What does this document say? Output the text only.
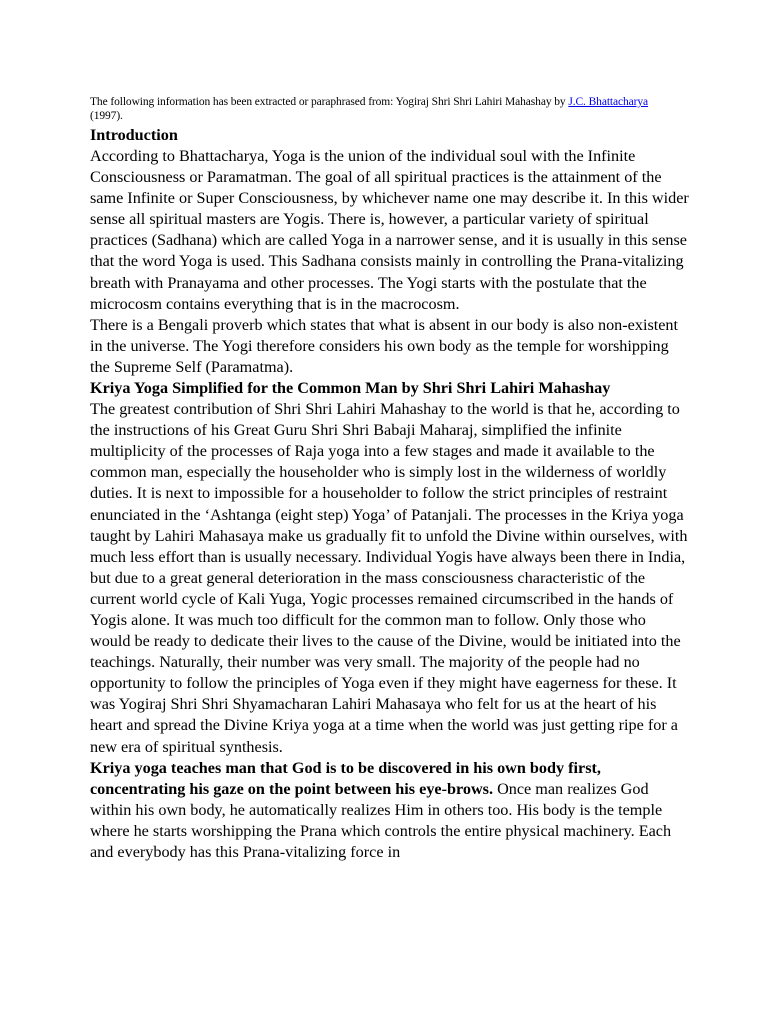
The following information has been extracted or paraphrased from: Yogiraj Shri Shri Lahiri Mahashay by J.C. Bhattacharya (1997).

Introduction

According to Bhattacharya, Yoga is the union of the individual soul with the Infinite Consciousness or Paramatman. The goal of all spiritual practices is the attainment of the same Infinite or Super Consciousness, by whichever name one may describe it. In this wider sense all spiritual masters are Yogis. There is, however, a particular variety of spiritual practices (Sadhana) which are called Yoga in a narrower sense, and it is usually in this sense that the word Yoga is used. This Sadhana consists mainly in controlling the Prana-vitalizing breath with Pranayama and other processes. The Yogi starts with the postulate that the microcosm contains everything that is in the macrocosm.

There is a Bengali proverb which states that what is absent in our body is also non-existent in the universe. The Yogi therefore considers his own body as the temple for worshipping the Supreme Self (Paramatma).

Kriya Yoga Simplified for the Common Man by Shri Shri Lahiri Mahashay

The greatest contribution of Shri Shri Lahiri Mahashay to the world is that he, according to the instructions of his Great Guru Shri Shri Babaji Maharaj, simplified the infinite multiplicity of the processes of Raja yoga into a few stages and made it available to the common man, especially the householder who is simply lost in the wilderness of worldly duties. It is next to impossible for a householder to follow the strict principles of restraint enunciated in the ‘Ashtanga (eight step) Yoga’ of Patanjali. The processes in the Kriya yoga taught by Lahiri Mahasaya make us gradually fit to unfold the Divine within ourselves, with much less effort than is usually necessary. Individual Yogis have always been there in India, but due to a great general deterioration in the mass consciousness characteristic of the current world cycle of Kali Yuga, Yogic processes remained circumscribed in the hands of Yogis alone. It was much too difficult for the common man to follow. Only those who would be ready to dedicate their lives to the cause of the Divine, would be initiated into the teachings. Naturally, their number was very small. The majority of the people had no opportunity to follow the principles of Yoga even if they might have eagerness for these. It was Yogiraj Shri Shri Shyamacharan Lahiri Mahasaya who felt for us at the heart of his heart and spread the Divine Kriya yoga at a time when the world was just getting ripe for a new era of spiritual synthesis.

Kriya yoga teaches man that God is to be discovered in his own body first, concentrating his gaze on the point between his eye-brows. Once man realizes God within his own body, he automatically realizes Him in others too. His body is the temple where he starts worshipping the Prana which controls the entire physical machinery. Each and everybody has this Prana-vitalizing force in
